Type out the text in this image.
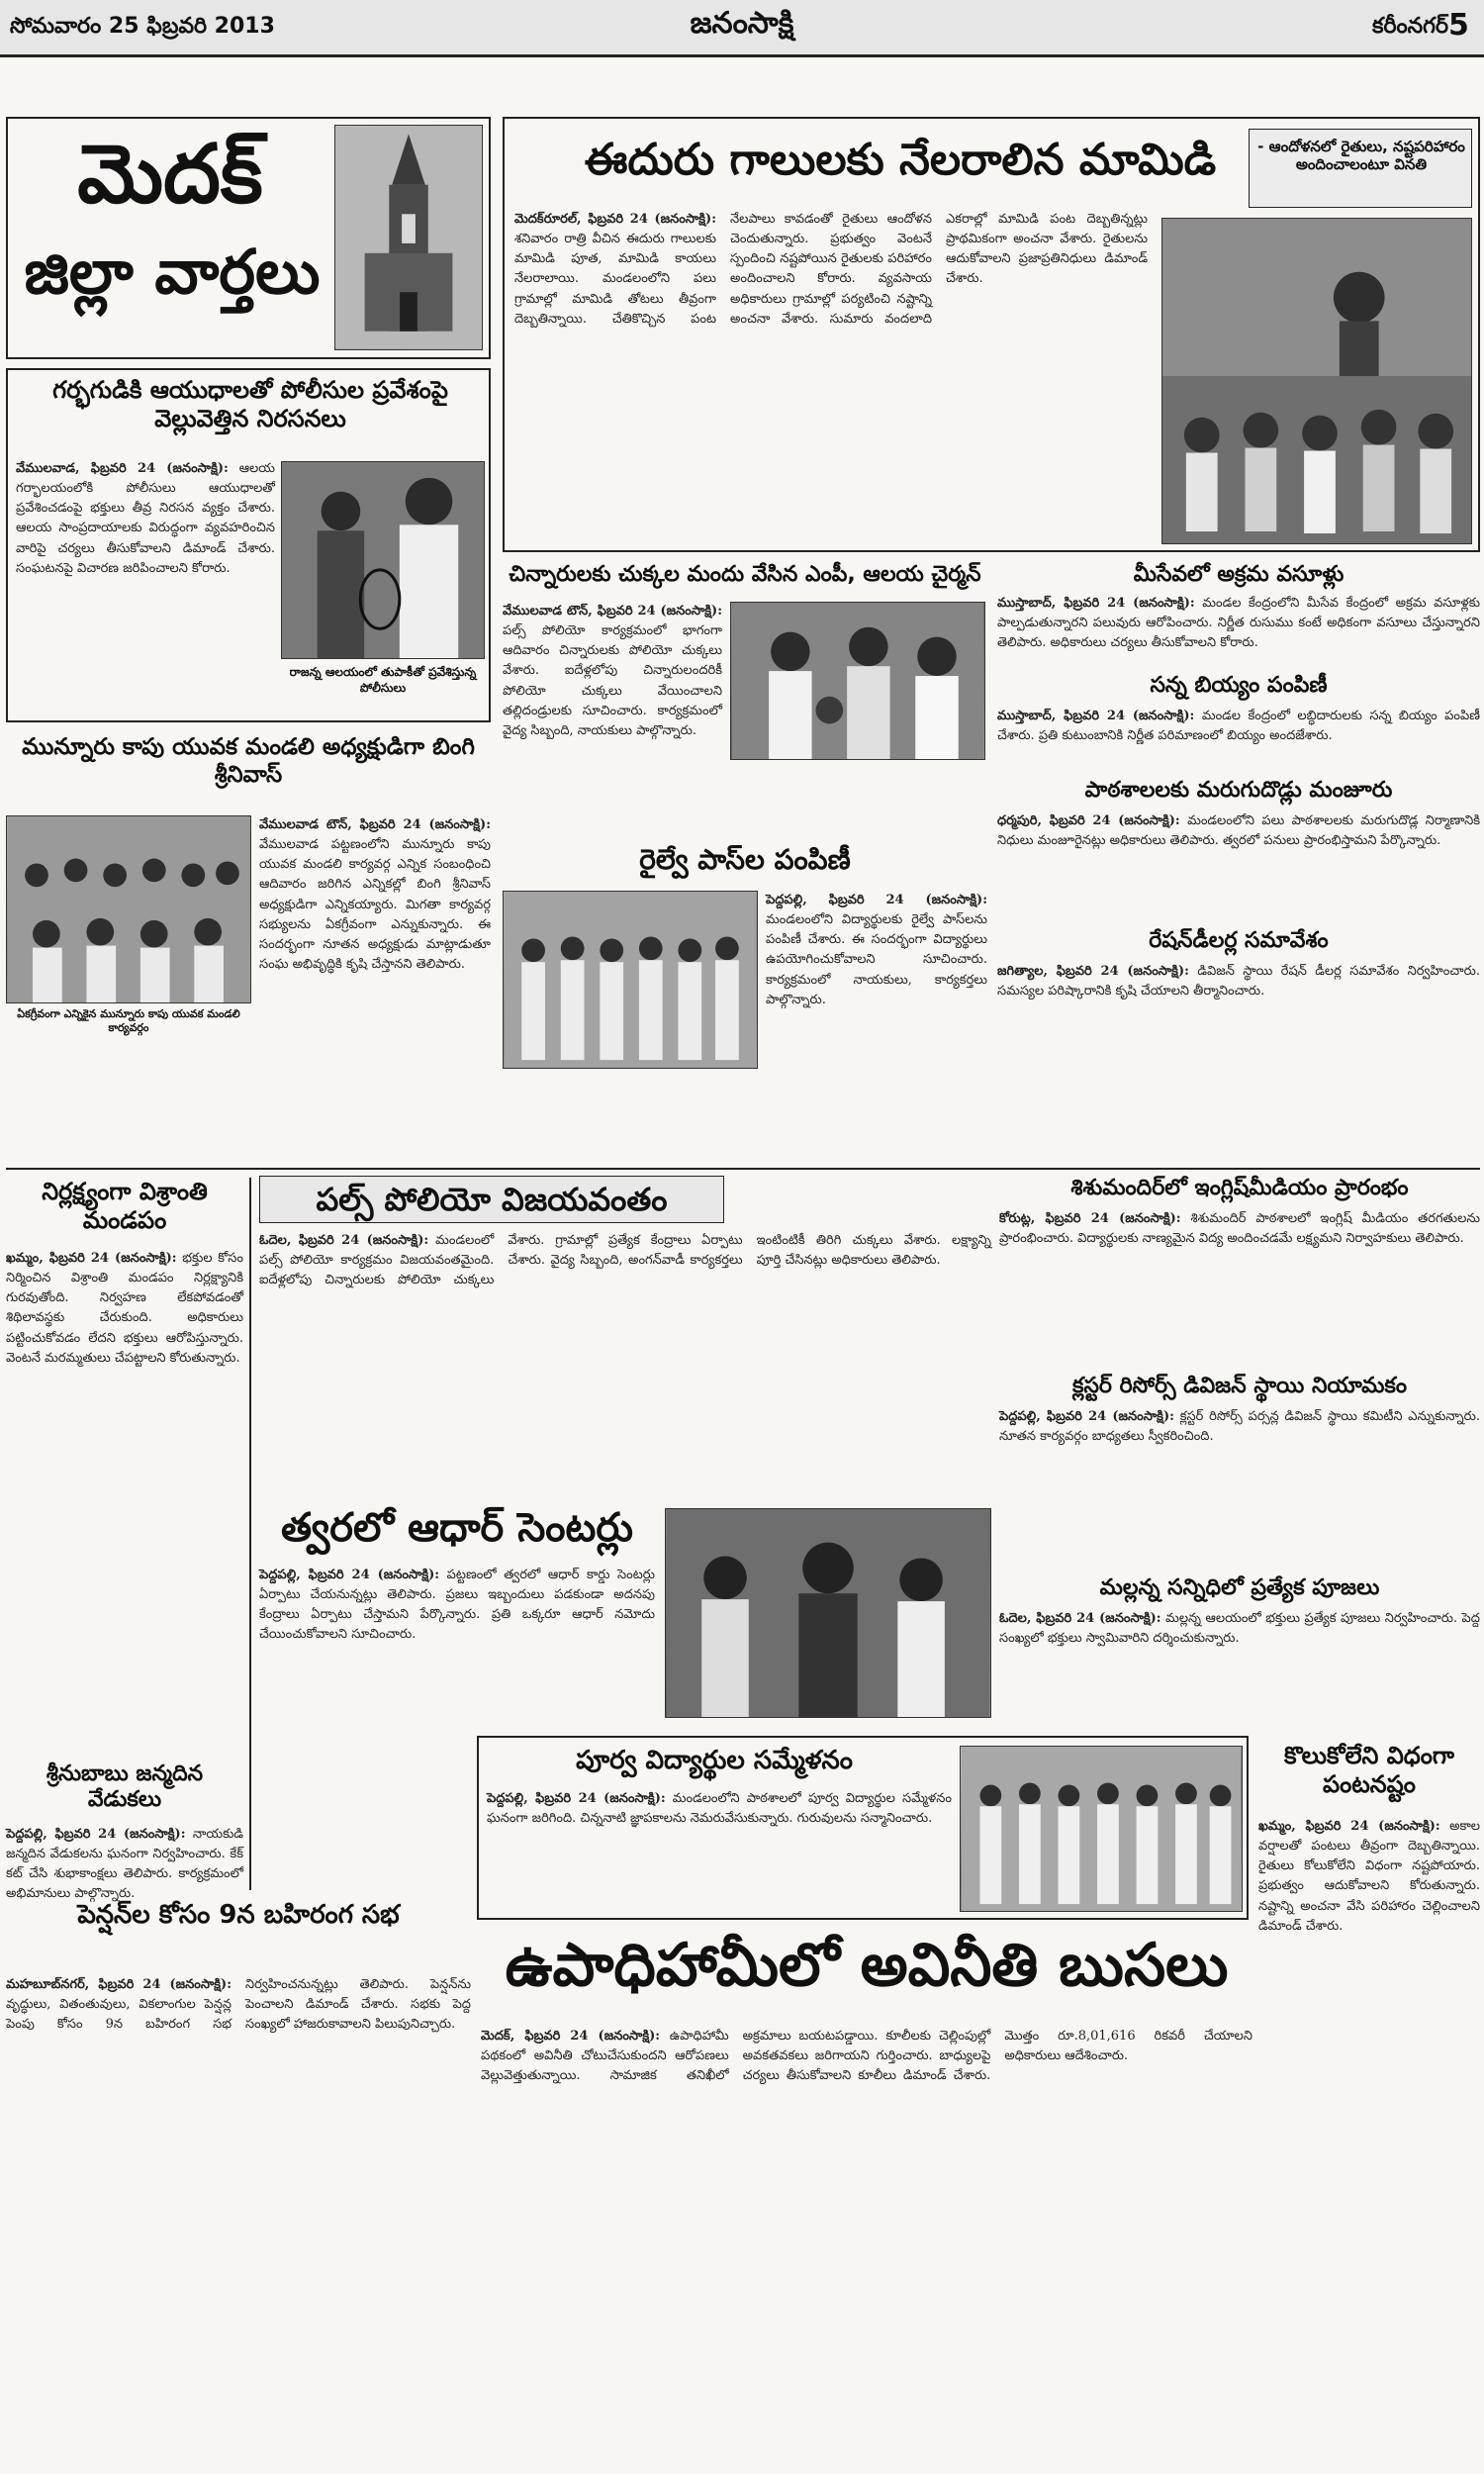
సోమవారం 25 ఫిబ్రవరి 2013	జనంసాక్షి	కరీంనగర్ 5
మెదక్
జిల్లా వార్తలు
ఈదురు గాలులకు నేలరాలిన మామిడి	- ఆందోళనలో రైతులు, నష్టపరిహారం అందించాలంటూ వినతి
మెదక్‌రూరల్‌, ఫిబ్రవరి 24 (జనంసాక్షి): శనివారం రాత్రి వీచిన ఈదురు గాలులకు మామిడి పూత, మామిడి కాయలు నేలరాలాయి. మండలంలోని పలు గ్రామాల్లో మామిడి తోటలు తీవ్రంగా దెబ్బతిన్నాయి. చేతికొచ్చిన పంట నేలపాలు కావడంతో రైతులు ఆందోళన చెందుతున్నారు. ప్రభుత్వం వెంటనే స్పందించి నష్టపోయిన రైతులకు పరిహారం అందించాలని కోరారు. వ్యవసాయ అధికారులు గ్రామాల్లో పర్యటించి నష్టాన్ని అంచనా వేశారు. సుమారు వందలాది ఎకరాల్లో మామిడి పంట దెబ్బతిన్నట్లు ప్రాథమికంగా అంచనా వేశారు. రైతులను ఆదుకోవాలని ప్రజాప్రతినిధులు డిమాండ్‌ చేశారు.
గర్భగుడికి ఆయుధాలతో పోలీసుల ప్రవేశంపై వెల్లువెత్తిన నిరసనలు
వేములవాడ, ఫిబ్రవరి 24 (జనంసాక్షి): ఆలయ గర్భాలయంలోకి పోలీసులు ఆయుధాలతో ప్రవేశించడంపై భక్తులు తీవ్ర నిరసన వ్యక్తం చేశారు. ఆలయ సాంప్రదాయాలకు విరుద్ధంగా వ్యవహరించిన వారిపై చర్యలు తీసుకోవాలని డిమాండ్‌ చేశారు. సంఘటనపై విచారణ జరిపించాలని కోరారు.
రాజన్న ఆలయంలో తుపాకీతో ప్రవేశిస్తున్న పోలీసులు
మున్నూరు కాపు యువక మండలి అధ్యక్షుడిగా బింగి శ్రీనివాస్‌
ఏకగ్రీవంగా ఎన్నికైన మున్నూరు కాపు యువక మండలి కార్యవర్గం
వేములవాడ టౌన్‌, ఫిబ్రవరి 24 (జనంసాక్షి): వేములవాడ పట్టణంలోని మున్నూరు కాపు యువక మండలి కార్యవర్గ ఎన్నిక సంబంధించి ఆదివారం జరిగిన ఎన్నికల్లో బింగి శ్రీనివాస్‌ అధ్యక్షుడిగా ఎన్నికయ్యారు. మిగతా కార్యవర్గ సభ్యులను ఏకగ్రీవంగా ఎన్నుకున్నారు. ఈ సందర్భంగా నూతన అధ్యక్షుడు మాట్లాడుతూ సంఘ అభివృద్ధికి కృషి చేస్తానని తెలిపారు.
చిన్నారులకు చుక్కల మందు వేసిన ఎంపీ, ఆలయ చైర్మన్‌
వేములవాడ టౌన్‌, ఫిబ్రవరి 24 (జనంసాక్షి): పల్స్‌ పోలియో కార్యక్రమంలో భాగంగా ఆదివారం చిన్నారులకు పోలియో చుక్కలు వేశారు. ఐదేళ్లలోపు చిన్నారులందరికీ పోలియో చుక్కలు వేయించాలని తల్లిదండ్రులకు సూచించారు. కార్యక్రమంలో వైద్య సిబ్బంది, నాయకులు పాల్గొన్నారు.
రైల్వే పాస్‌ల పంపిణీ
పెద్దపల్లి, ఫిబ్రవరి 24 (జనంసాక్షి): మండలంలోని విద్యార్థులకు రైల్వే పాస్‌లను పంపిణీ చేశారు. ఈ సందర్భంగా విద్యార్థులు ఉపయోగించుకోవాలని సూచించారు. కార్యక్రమంలో నాయకులు, కార్యకర్తలు పాల్గొన్నారు.
మీసేవలో అక్రమ వసూళ్లు
ముస్తాబాద్‌, ఫిబ్రవరి 24 (జనంసాక్షి): మండల కేంద్రంలోని మీసేవ కేంద్రంలో అక్రమ వసూళ్లకు పాల్పడుతున్నారని పలువురు ఆరోపించారు. నిర్ణీత రుసుము కంటే అధికంగా వసూలు చేస్తున్నారని తెలిపారు. అధికారులు చర్యలు తీసుకోవాలని కోరారు.
సన్న బియ్యం పంపిణీ
ముస్తాబాద్‌, ఫిబ్రవరి 24 (జనంసాక్షి): మండల కేంద్రంలో లబ్ధిదారులకు సన్న బియ్యం పంపిణీ చేశారు. ప్రతి కుటుంబానికి నిర్ణీత పరిమాణంలో బియ్యం అందజేశారు.
పాఠశాలలకు మరుగుదొడ్లు మంజూరు
ధర్మపురి, ఫిబ్రవరి 24 (జనంసాక్షి): మండలంలోని పలు పాఠశాలలకు మరుగుదొడ్ల నిర్మాణానికి నిధులు మంజూరైనట్లు అధికారులు తెలిపారు. త్వరలో పనులు ప్రారంభిస్తామని పేర్కొన్నారు.
రేషన్‌డీలర్ల సమావేశం
జగిత్యాల, ఫిబ్రవరి 24 (జనంసాక్షి): డివిజన్‌ స్థాయి రేషన్‌ డీలర్ల సమావేశం నిర్వహించారు. సమస్యల పరిష్కారానికి కృషి చేయాలని తీర్మానించారు.
నిర్లక్ష్యంగా విశ్రాంతి మండపం
ఖమ్మం, ఫిబ్రవరి 24 (జనంసాక్షి): భక్తుల కోసం నిర్మించిన విశ్రాంతి మండపం నిర్లక్ష్యానికి గురవుతోంది. నిర్వహణ లేకపోవడంతో శిథిలావస్థకు చేరుకుంది. అధికారులు పట్టించుకోవడం లేదని భక్తులు ఆరోపిస్తున్నారు. వెంటనే మరమ్మతులు చేపట్టాలని కోరుతున్నారు.
శ్రీనుబాబు జన్మదిన వేడుకలు
పెద్దపల్లి, ఫిబ్రవరి 24 (జనంసాక్షి): నాయకుడి జన్మదిన వేడుకలను ఘనంగా నిర్వహించారు. కేక్‌ కట్‌ చేసి శుభాకాంక్షలు తెలిపారు. కార్యక్రమంలో అభిమానులు పాల్గొన్నారు.
పల్స్‌ పోలియో విజయవంతం
ఓదెల, ఫిబ్రవరి 24 (జనంసాక్షి): మండలంలో పల్స్‌ పోలియో కార్యక్రమం విజయవంతమైంది. ఐదేళ్లలోపు చిన్నారులకు పోలియో చుక్కలు వేశారు. గ్రామాల్లో ప్రత్యేక కేంద్రాలు ఏర్పాటు చేశారు. వైద్య సిబ్బంది, అంగన్‌వాడీ కార్యకర్తలు ఇంటింటికీ తిరిగి చుక్కలు వేశారు. లక్ష్యాన్ని పూర్తి చేసినట్లు అధికారులు తెలిపారు.
త్వరలో ఆధార్‌ సెంటర్లు
పెద్దపల్లి, ఫిబ్రవరి 24 (జనంసాక్షి): పట్టణంలో త్వరలో ఆధార్‌ కార్డు సెంటర్లు ఏర్పాటు చేయనున్నట్లు తెలిపారు. ప్రజలు ఇబ్బందులు పడకుండా అదనపు కేంద్రాలు ఏర్పాటు చేస్తామని పేర్కొన్నారు. ప్రతి ఒక్కరూ ఆధార్‌ నమోదు చేయించుకోవాలని సూచించారు.
శిశుమందిర్‌లో ఇంగ్లిష్‌మీడియం ప్రారంభం
కోరుట్ల, ఫిబ్రవరి 24 (జనంసాక్షి): శిశుమందిర్‌ పాఠశాలలో ఇంగ్లిష్‌ మీడియం తరగతులను ప్రారంభించారు. విద్యార్థులకు నాణ్యమైన విద్య అందించడమే లక్ష్యమని నిర్వాహకులు తెలిపారు.
క్లస్టర్‌ రిసోర్స్‌ డివిజన్‌ స్థాయి నియామకం
పెద్దపల్లి, ఫిబ్రవరి 24 (జనంసాక్షి): క్లస్టర్‌ రిసోర్స్‌ పర్సన్ల డివిజన్‌ స్థాయి కమిటీని ఎన్నుకున్నారు. నూతన కార్యవర్గం బాధ్యతలు స్వీకరించింది.
మల్లన్న సన్నిధిలో ప్రత్యేక పూజలు
ఓదెల, ఫిబ్రవరి 24 (జనంసాక్షి): మల్లన్న ఆలయంలో భక్తులు ప్రత్యేక పూజలు నిర్వహించారు. పెద్ద సంఖ్యలో భక్తులు స్వామివారిని దర్శించుకున్నారు.
పూర్వ విద్యార్థుల సమ్మేళనం
పెద్దపల్లి, ఫిబ్రవరి 24 (జనంసాక్షి): మండలంలోని పాఠశాలలో పూర్వ విద్యార్థుల సమ్మేళనం ఘనంగా జరిగింది. చిన్ననాటి జ్ఞాపకాలను నెమరువేసుకున్నారు. గురువులను సన్మానించారు.
కొలుకోలేని విధంగా పంటనష్టం
ఖమ్మం, ఫిబ్రవరి 24 (జనంసాక్షి): అకాల వర్షాలతో పంటలు తీవ్రంగా దెబ్బతిన్నాయి. రైతులు కోలుకోలేని విధంగా నష్టపోయారు. ప్రభుత్వం ఆదుకోవాలని కోరుతున్నారు. నష్టాన్ని అంచనా వేసి పరిహారం చెల్లించాలని డిమాండ్‌ చేశారు.
పెన్షన్‌ల కోసం 9న బహిరంగ సభ
మహబూబ్‌నగర్‌, ఫిబ్రవరి 24 (జనంసాక్షి): వృద్ధులు, వితంతువులు, వికలాంగుల పెన్షన్ల పెంపు కోసం 9న బహిరంగ సభ నిర్వహించనున్నట్లు తెలిపారు. పెన్షన్‌ను పెంచాలని డిమాండ్‌ చేశారు. సభకు పెద్ద సంఖ్యలో హాజరుకావాలని పిలుపునిచ్చారు.
ఉపాధిహామీలో అవినీతి బుసలు
మెదక్‌, ఫిబ్రవరి 24 (జనంసాక్షి): ఉపాధిహామీ పథకంలో అవినీతి చోటుచేసుకుందని ఆరోపణలు వెల్లువెత్తుతున్నాయి. సామాజిక తనిఖీలో అక్రమాలు బయటపడ్డాయి. కూలీలకు చెల్లింపుల్లో అవకతవకలు జరిగాయని గుర్తించారు. బాధ్యులపై చర్యలు తీసుకోవాలని కూలీలు డిమాండ్‌ చేశారు. మొత్తం రూ.8,01,616 రికవరీ చేయాలని అధికారులు ఆదేశించారు.
